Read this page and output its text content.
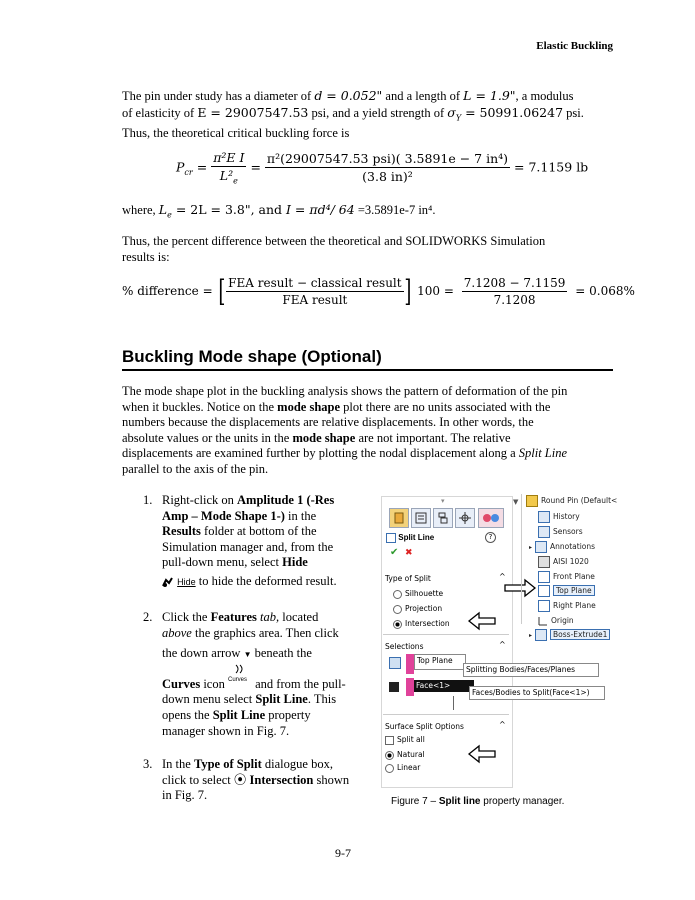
Elastic Buckling
The pin under study has a diameter of d = 0.052" and a length of L = 1.9", a modulus
of elasticity of E = 29007547.53 psi, and a yield strength of $\sigma_Y = 50991.06247$ psi.
Thus, the theoretical critical buckling force is
$P_{cr} = \frac{\text{π²E I}}{L^2_e} = \frac{\text{π²(29007547.53 psi)( 3.5891e − 7 in⁴)}}{\text{(3.8 in)²}} = 7.1159$ lb
where, $L_e = 2L = 3.8$", and I = πd⁴/ 64 =3.5891e-7 in⁴.
Thus, the percent difference between the theoretical and SOLIDWORKS Simulation
results is:
% difference = [ $\frac{\text{FEA result − classical result}}{\text{FEA result}}$ ] $100 = \frac{7.1208 - 7.1159}{7.1208} = 0.068\%$
Buckling Mode shape (Optional)
The mode shape plot in the buckling analysis shows the pattern of deformation of the pin
when it buckles. Notice on the mode shape plot there are no units associated with the
numbers because the displacements are relative displacements. In other words, the
absolute values or the units in the mode shape are not important. The relative
displacements are examined further by plotting the nodal displacement along a Split Line
parallel to the axis of the pin.
1. Right-click on Amplitude 1 (-Res
Amp – Mode Shape 1-) in the
Results folder at bottom of the
Simulation manager and, from the
pull-down menu, select Hide
Hide to hide the deformed result.
2. Click the Features tab, located
above the graphics area. Then click
the down arrow ▼ beneath the
Curves icon Curves and from the pull-
down menu select Split Line. This
opens the Split Line property
manager shown in Fig. 7.
3. In the Type of Split dialogue box,
click to select ⦿ Intersection shown
in Fig. 7.
▾
Split Line	?
✔ ✖
Type of Split	^
Silhouette
Projection
Intersection
Selections	^
Top Plane
Face<1>
Surface Split Options	^
Split all
Natural
Linear
Splitting Bodies/Faces/Planes
Faces/Bodies to Split(Face<1>)
▼	Round Pin (Default<
History
Sensors
▸ Annotations
AISI 1020
Front Plane
Top Plane
Right Plane
Origin
▸	Boss-Extrude1
Figure 7 – Split line property manager.
9-7
